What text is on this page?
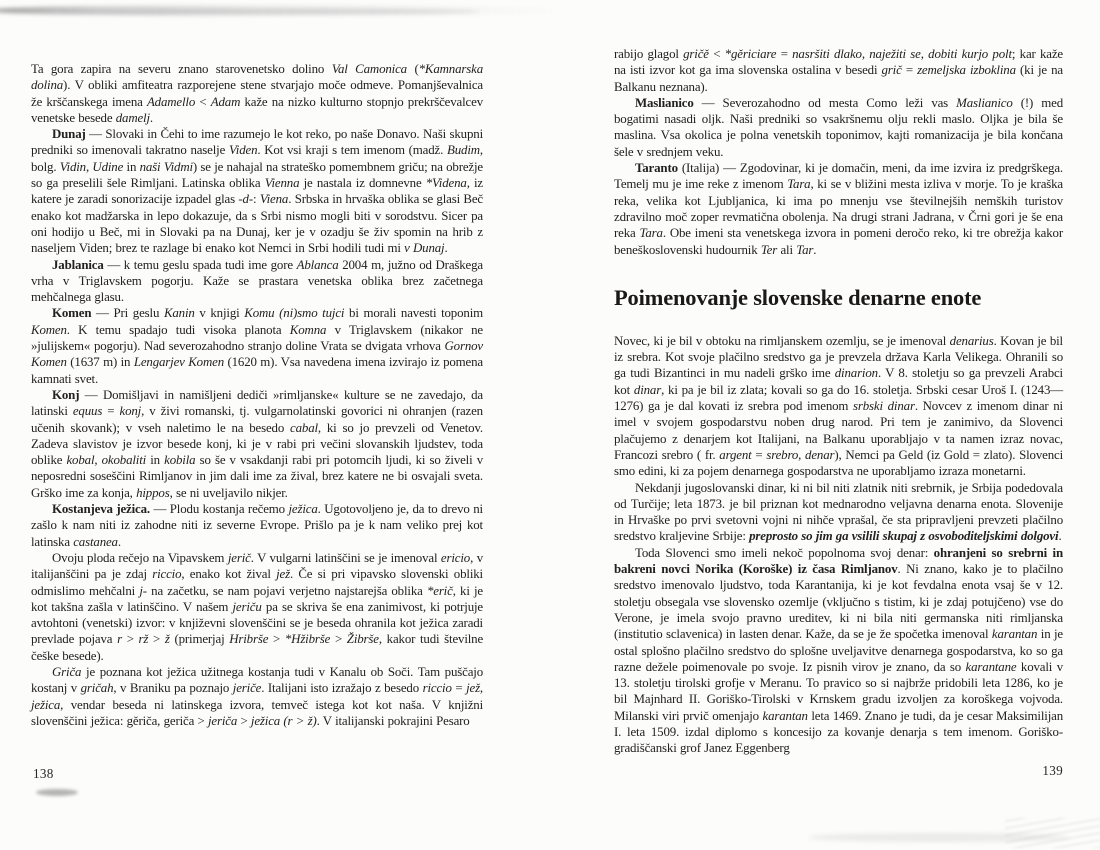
Ta gora zapira na severu znano starovenetsko dolino Val Camonica (*Kamnarska dolina). V obliki amfiteatra razporejene stene stvarjajo moče odmeve. Pomanjševalnica že krščanskega imena Adamello < Adam kaže na nizko kulturno stopnjo prekrščevalcev venetske besede damelj.

Dunaj — Slovaki in Čehi to ime razumejo le kot reko, po naše Donavo. Naši skupni predniki so imenovali takratno naselje Viden. Kot vsi kraji s tem imenom (madž. Budim, bolg. Vidin, Udine in naši Vidmi) se je nahajal na strateško pomembnem griču; na obrežje so ga preselili šele Rimljani. Latinska oblika Vienna je nastala iz domnevne *Videna, iz katere je zaradi sonorizacije izpadel glas -d-: Viena. Srbska in hrvaška oblika se glasi Beč enako kot madžarska in lepo dokazuje, da s Srbi nismo mogli biti v sorodstvu. Sicer pa oni hodijo u Beč, mi in Slovaki pa na Dunaj, ker je v ozadju še živ spomin na hrib z naseljem Viden; brez te razlage bi enako kot Nemci in Srbi hodili tudi mi v Dunaj.

Jablanica — k temu geslu spada tudi ime gore Ablanca 2004 m, južno od Draškega vrha v Triglavskem pogorju. Kaže se prastara venetska oblika brez začetnega mehčalnega glasu.

Komen — Pri geslu Kanin v knjigi Komu (ni)smo tujci bi morali navesti toponim Komen. K temu spadajo tudi visoka planota Komna v Triglavskem (nikakor ne »julijskem« pogorju). Nad severozahodno stranjo doline Vrata se dvigata vrhova Gornov Komen (1637 m) in Lengarjev Komen (1620 m). Vsa navedena imena izvirajo iz pomena kamnati svet.

Konj — Domišljavi in namišljeni dediči »rimljanske« kulture se ne zavedajo, da latinski equus = konj, v živi romanski, tj. vulgarnolatinski govorici ni ohranjen (razen učenih skovank); v vseh naletimo le na besedo cabal, ki so jo prevzeli od Venetov. Zadeva slavistov je izvor besede konj, ki je v rabi pri večini slovanskih ljudstev, toda oblike kobal, okobaliti in kobila so še v vsakdanji rabi pri potomcih ljudi, ki so živeli v neposredni soseščini Rimljanov in jim dali ime za žival, brez katere ne bi osvajali sveta. Grško ime za konja, hippos, se ni uveljavilo nikjer.

Kostanjeva ježica. — Plodu kostanja rečemo ježica. Ugotovoljeno je, da to drevo ni zašlo k nam niti iz zahodne niti iz severne Evrope. Prišlo pa je k nam veliko prej kot latinska castanea.

Ovoju ploda rečejo na Vipavskem jerič. V vulgarni latinščini se je imenoval ericio, v italijanščini pa je zdaj riccio, enako kot žival jež. Če si pri vipavsko slovenski obliki odmislimo mehčalni j- na začetku, se nam pojavi verjetno najstarejša oblika *erič, ki je kot takšna zašla v latinščino. V našem jeriču pa se skriva še ena zanimivost, ki potrjuje avtohtoni (venetski) izvor: v književni slovenščini se je beseda ohranila kot ježica zaradi prevlade pojava r > rž > ž (primerjaj Hribrše > *Hžibrše > Žibrše, kakor tudi številne češke besede).

Griča je poznana kot ježica užitnega kostanja tudi v Kanalu ob Soči. Tam puščajo kostanj v gričah, v Braniku pa poznajo jeriče. Italijani isto izražajo z besedo riccio = jež, ježica, vendar beseda ni latinskega izvora, temveč istega kot kot naša. V knjižni slovenščini ježica: gěriča, geriča > jeriča > ježica (r > ž). V italijanski pokrajini Pesaro

rabijo glagol gričě < *gěriciare = nasršiti dlako, naježiti se, dobiti kurjo polt; kar kaže na isti izvor kot ga ima slovenska ostalina v besedi grič = zemeljska izboklina (ki je na Balkanu neznana).

Maslianico — Severozahodno od mesta Como leži vas Maslianico (!) med bogatimi nasadi oljk. Naši predniki so vsakršnemu olju rekli maslo. Oljka je bila še maslina. Vsa okolica je polna venetskih toponimov, kajti romanizacija je bila končana šele v srednjem veku.

Taranto (Italija) — Zgodovinar, ki je domačin, meni, da ime izvira iz predgrškega. Temelj mu je ime reke z imenom Tara, ki se v bližini mesta izliva v morje. To je kraška reka, velika kot Ljubljanica, ki ima po mnenju vse številnejših nemških turistov zdravilno moč zoper revmatična obolenja. Na drugi strani Jadrana, v Črni gori je še ena reka Tara. Obe imeni sta venetskega izvora in pomeni deročo reko, ki tre obrežja kakor beneškoslovenski hudournik Ter ali Tar.

Poimenovanje slovenske denarne enote

Novec, ki je bil v obtoku na rimljanskem ozemlju, se je imenoval denarius. Kovan je bil iz srebra. Kot svoje plačilno sredstvo ga je prevzela država Karla Velikega. Ohranili so ga tudi Bizantinci in mu nadeli grško ime dinarion. V 8. stoletju so ga prevzeli Arabci kot dinar, ki pa je bil iz zlata; kovali so ga do 16. stoletja. Srbski cesar Uroš I. (1243—1276) ga je dal kovati iz srebra pod imenom srbski dinar. Novcev z imenom dinar ni imel v svojem gospodarstvu noben drug narod. Pri tem je zanimivo, da Slovenci plačujemo z denarjem kot Italijani, na Balkanu uporabljajo v ta namen izraz novac, Francozi srebro ( fr. argent = srebro, denar), Nemci pa Geld (iz Gold = zlato). Slovenci smo edini, ki za pojem denarnega gospodarstva ne uporabljamo izraza monetarni.

Nekdanji jugoslovanski dinar, ki ni bil niti zlatnik niti srebrnik, je Srbija podedovala od Turčije; leta 1873. je bil priznan kot mednarodno veljavna denarna enota. Slovenije in Hrvaške po prvi svetovni vojni ni nihče vprašal, če sta pripravljeni prevzeti plačilno sredstvo kraljevine Srbije: preprosto so jim ga vsilili skupaj z osvoboditeljskimi dolgovi.

Toda Slovenci smo imeli nekoč popolnoma svoj denar: ohranjeni so srebrni in bakreni novci Norika (Koroške) iz časa Rimljanov. Ni znano, kako je to plačilno sredstvo imenovalo ljudstvo, toda Karantanija, ki je kot fevdalna enota vsaj še v 12. stoletju obsegala vse slovensko ozemlje (vključno s tistim, ki je zdaj potujčeno) vse do Verone, je imela svojo pravno ureditev, ki ni bila niti germanska niti rimljanska (institutio sclavenica) in lasten denar. Kaže, da se je že spočetka imenoval karantan in je ostal splošno plačilno sredstvo do splošne uveljavitve denarnega gospodarstva, ko so ga razne dežele poimenovale po svoje. Iz pisnih virov je znano, da so karantane kovali v 13. stoletju tirolski grofje v Meranu. To pravico so si najbrže pridobili leta 1286, ko je bil Majnhard II. Goriško-Tirolski v Krnskem gradu izvoljen za koroškega vojvoda. Milanski viri prvič omenjajo karantan leta 1469. Znano je tudi, da je cesar Maksimilijan I. leta 1509. izdal diplomo s koncesijo za kovanje denarja s tem imenom. Goriško-gradiščanski grof Janez Eggenberg

138	139
